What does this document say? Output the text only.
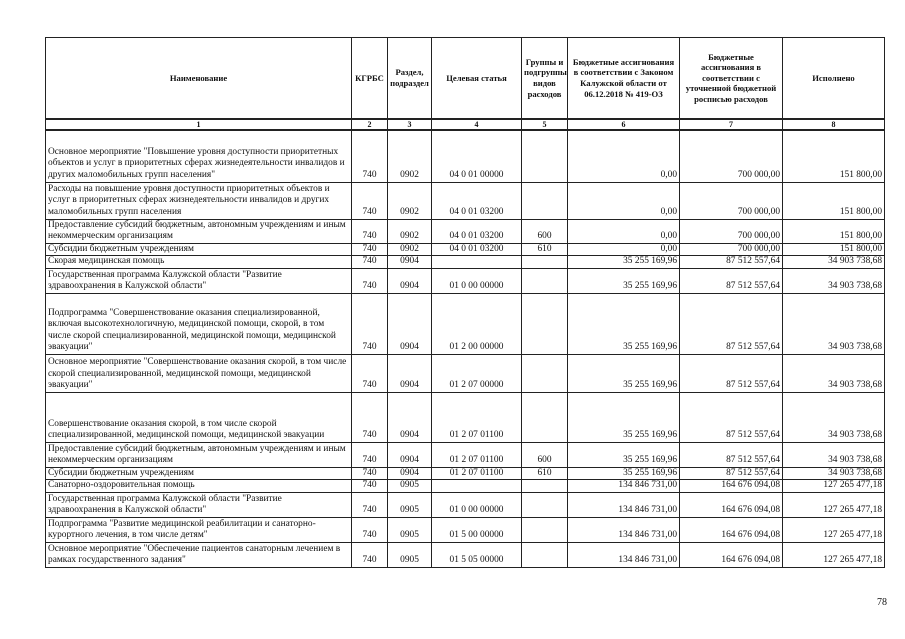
Наименование	КГРБС	Раздел, подраздел	Целевая статья	Группы и подгруппы видов расходов	Бюджетные ассигнования в соответствии с Законом Калужской области от 06.12.2018 № 419-ОЗ	Бюджетные ассигнования в соответствии с уточненной бюджетной росписью расходов	Исполнено
1	2	3	4	5	6	7	8
Основное мероприятие "Повышение уровня доступности приоритетных объектов и услуг в приоритетных сферах жизнедеятельности инвалидов и других маломобильных групп населения"	740	0902	04 0 01 00000		0,00	700 000,00	151 800,00
Расходы на повышение уровня доступности приоритетных объектов и услуг в приоритетных сферах жизнедеятельности инвалидов и других маломобильных групп населения	740	0902	04 0 01 03200		0,00	700 000,00	151 800,00
Предоставление субсидий бюджетным, автономным учреждениям и иным некоммерческим организациям	740	0902	04 0 01 03200	600	0,00	700 000,00	151 800,00
Субсидии бюджетным учреждениям	740	0902	04 0 01 03200	610	0,00	700 000,00	151 800,00
Скорая медицинская помощь	740	0904			35 255 169,96	87 512 557,64	34 903 738,68
Государственная программа Калужской области "Развитие здравоохранения в Калужской области"	740	0904	01 0 00 00000		35 255 169,96	87 512 557,64	34 903 738,68
Подпрограмма "Совершенствование оказания специализированной, включая высокотехнологичную, медицинской помощи, скорой, в том числе скорой специализированной, медицинской помощи, медицинской эвакуации"	740	0904	01 2 00 00000		35 255 169,96	87 512 557,64	34 903 738,68
Основное мероприятие "Совершенствование оказания скорой, в том числе скорой специализированной, медицинской помощи, медицинской эвакуации"	740	0904	01 2 07 00000		35 255 169,96	87 512 557,64	34 903 738,68
Совершенствование оказания скорой, в том числе скорой специализированной, медицинской помощи, медицинской эвакуации	740	0904	01 2 07 01100		35 255 169,96	87 512 557,64	34 903 738,68
Предоставление субсидий бюджетным, автономным учреждениям и иным некоммерческим организациям	740	0904	01 2 07 01100	600	35 255 169,96	87 512 557,64	34 903 738,68
Субсидии бюджетным учреждениям	740	0904	01 2 07 01100	610	35 255 169,96	87 512 557,64	34 903 738,68
Санаторно-оздоровительная помощь	740	0905			134 846 731,00	164 676 094,08	127 265 477,18
Государственная программа Калужской области "Развитие здравоохранения в Калужской области"	740	0905	01 0 00 00000		134 846 731,00	164 676 094,08	127 265 477,18
Подпрограмма "Развитие медицинской реабилитации и санаторно-курортного лечения, в том числе детям"	740	0905	01 5 00 00000		134 846 731,00	164 676 094,08	127 265 477,18
Основное мероприятие "Обеспечение пациентов санаторным лечением в рамках государственного задания"	740	0905	01 5 05 00000		134 846 731,00	164 676 094,08	127 265 477,18
78
